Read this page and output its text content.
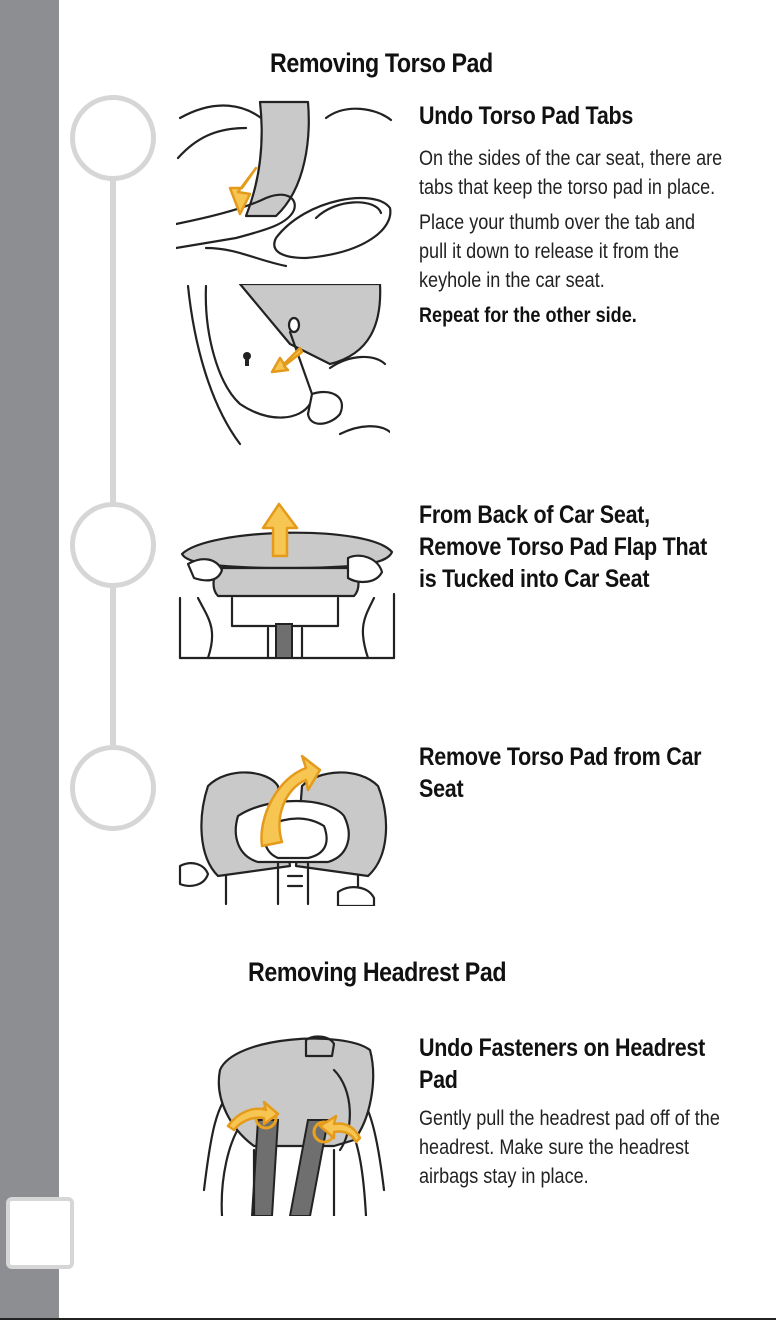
Removing Torso Pad
Undo Torso Pad Tabs

On the sides of the car seat, there are tabs that keep the torso pad in place.

Place your thumb over the tab and pull it down to release it from the keyhole in the car seat.

Repeat for the other side.

From Back of Car Seat, Remove Torso Pad Flap That is Tucked into Car Seat
Remove Torso Pad from Car Seat
Removing Headrest Pad
Undo Fasteners on Headrest Pad

Gently pull the headrest pad off of the headrest. Make sure the headrest airbags stay in place.
